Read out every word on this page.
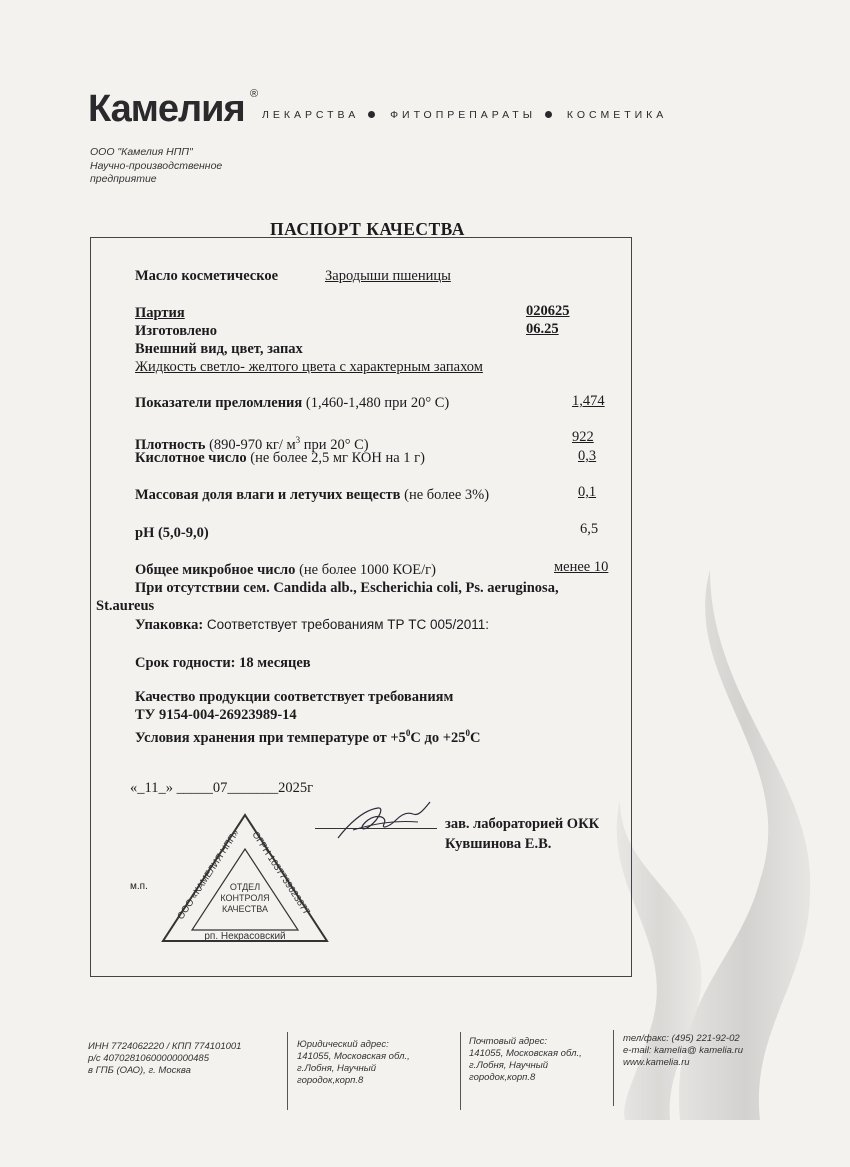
Камелия ®
ЛЕКАРСТВА	ФИТОПРЕПАРАТЫ	КОСМЕТИКА
ООО "Камелия НПП"
Научно-производственное
предприятие
ПАСПОРТ КАЧЕСТВА
Масло косметическое	Зародыши пшеницы
Партия	020625
Изготовлено	06.25
Внешний вид, цвет, запах
Жидкость светло- желтого цвета с характерным запахом
Показатели преломления (1,460-1,480 при 20° С)	1,474
Плотность (890-970 кг/ $м^3$ при 20° С)	922
Кислотное число (не более 2,5 мг КОН на 1 г)	0,3
Массовая доля влаги и летучих веществ (не более 3%)	0,1
pH (5,0-9,0)	6,5
Общее микробное число (не более 1000 КОЕ/г)	менее 10
При отсутствии сем. Candida alb., Escherichia coli, Ps. aeruginosa,
St.aureus
Упаковка: Соответствует требованиям ТР ТС 005/2011:
Срок годности: 18 месяцев
Качество продукции соответствует требованиям
ТУ 9154-004-26923989-14
Условия хранения при температуре от $+5^0С$ до $+25^0С$
«_11_» _____07_______2025г
зав. лабораторией ОКК
Кувшинова Е.В.
м.п.
ООО «КАМЕЛИЯ НПП» ОГРН 1037739623877
ОТДЕЛ
КОНТРОЛЯ
КАЧЕСТВА
рп. Некрасовский
ИНН 7724062220 / КПП 774101001
р/с 40702810600000000485
в ГПБ (ОАО), г. Москва
Юридический адрес:
141055, Московская обл.,
г.Лобня, Научный
городок,корп.8
Почтовый адрес:
141055, Московская обл.,
г.Лобня, Научный
городок,корп.8
тел/факс: (495) 221-92-02
e-mail: kamelia@ kamelia.ru
www.kamelia.ru
